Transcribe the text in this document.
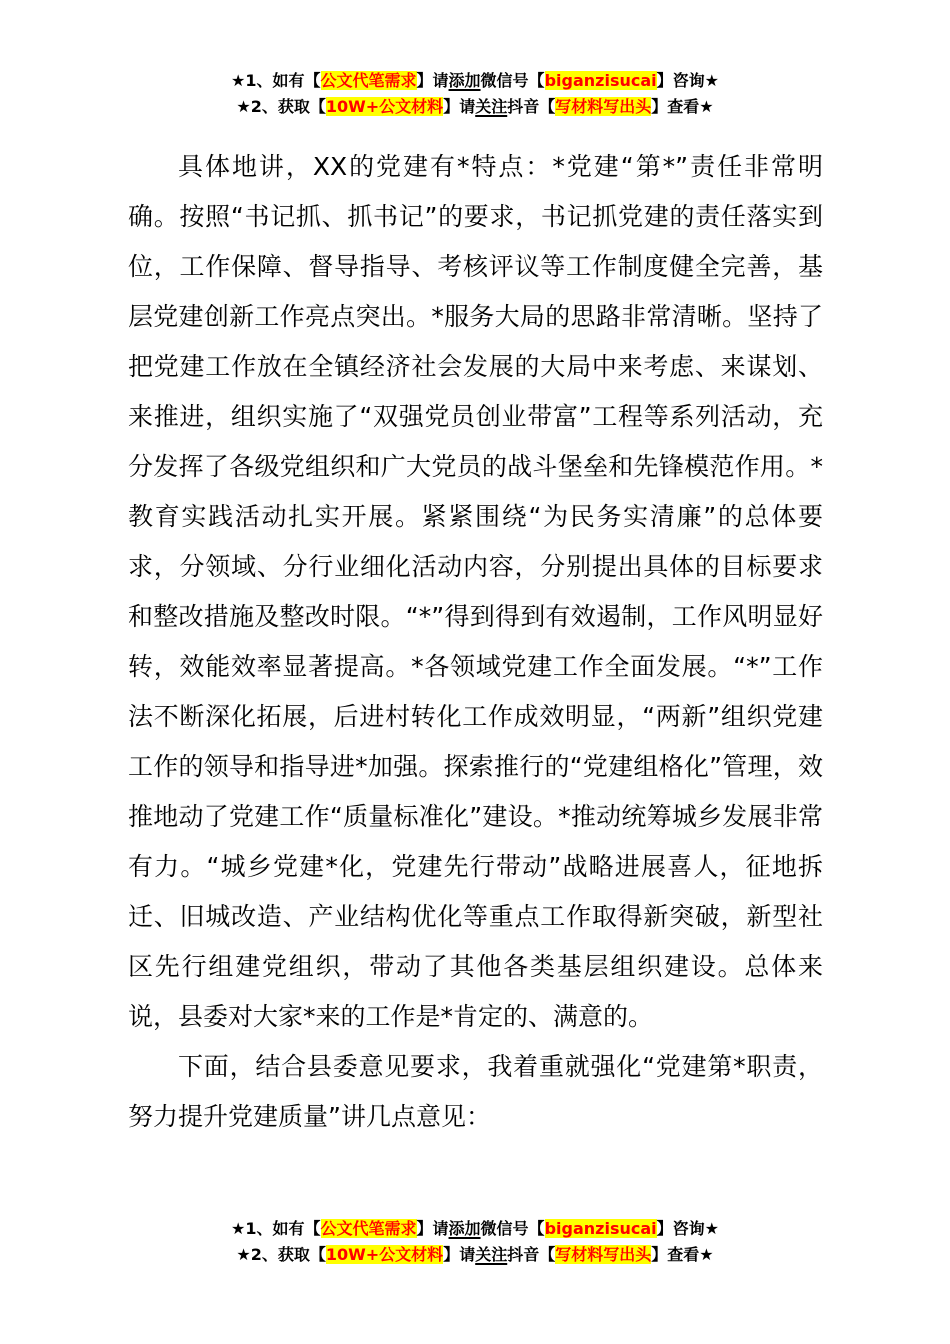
★1、如有【公文代笔需求】请添加微信号【biganzisucai】咨询★
★2、获取【10W+公文材料】请关注抖音【写材料写出头】查看★

具体地讲，XX的党建有*特点：*党建“第*”责任非常明确。按照“书记抓、抓书记”的要求，书记抓党建的责任落实到位，工作保障、督导指导、考核评议等工作制度健全完善，基层党建创新工作亮点突出。*服务大局的思路非常清晰。坚持了把党建工作放在全镇经济社会发展的大局中来考虑、来谋划、来推进，组织实施了“双强党员创业带富”工程等系列活动，充分发挥了各级党组织和广大党员的战斗堡垒和先锋模范作用。*教育实践活动扎实开展。紧紧围绕“为民务实清廉”的总体要求，分领域、分行业细化活动内容，分别提出具体的目标要求和整改措施及整改时限。“*”得到得到有效遏制，工作风明显好转，效能效率显著提高。*各领域党建工作全面发展。“*”工作法不断深化拓展，后进村转化工作成效明显，“两新”组织党建工作的领导和指导进*加强。探索推行的“党建组格化”管理，效推地动了党建工作“质量标准化”建设。*推动统筹城乡发展非常有力。“城乡党建*化，党建先行带动”战略进展喜人，征地拆迁、旧城改造、产业结构优化等重点工作取得新突破，新型社区先行组建党组织，带动了其他各类基层组织建设。总体来说，县委对大家*来的工作是*肯定的、满意的。

下面，结合县委意见要求，我着重就强化“党建第*职责，努力提升党建质量”讲几点意见：

★1、如有【公文代笔需求】请添加微信号【biganzisucai】咨询★
★2、获取【10W+公文材料】请关注抖音【写材料写出头】查看★
